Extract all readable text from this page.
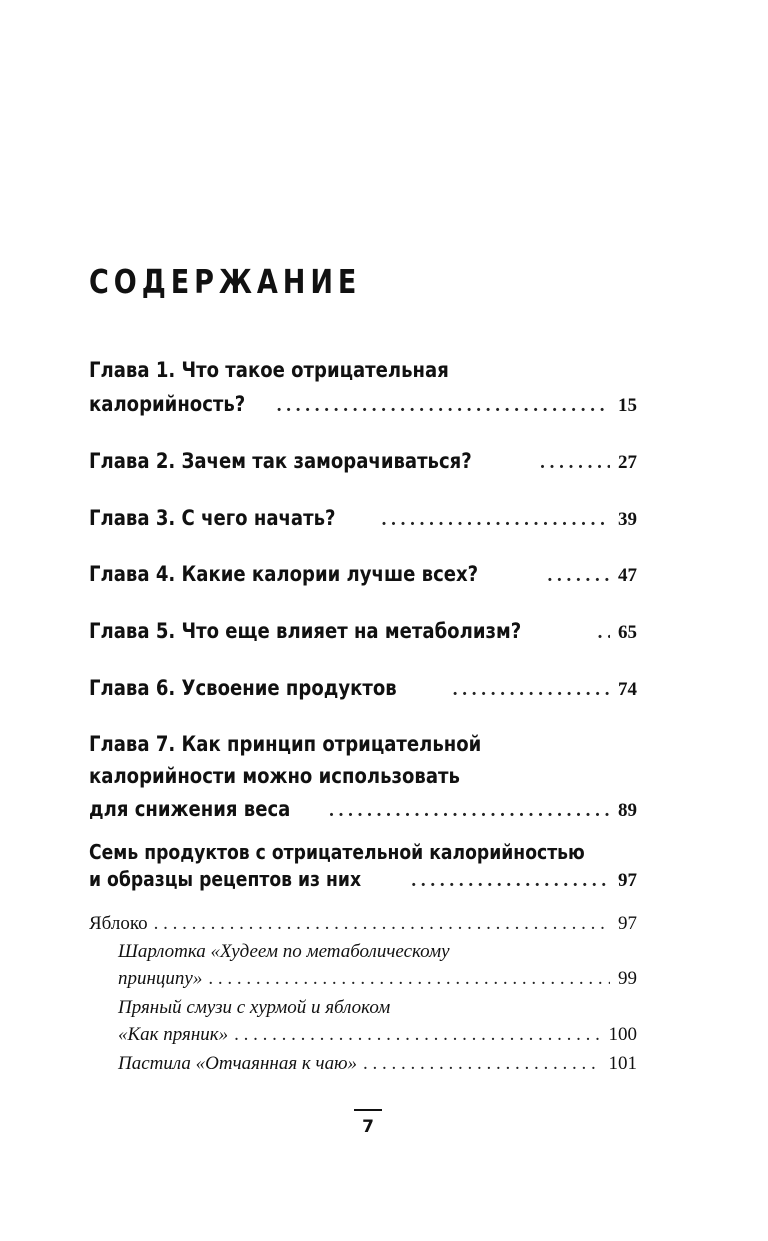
СОДЕРЖАНИЕ
Глава 1. Что такое отрицательная
калорийность? . . .	15
Глава 2. Зачем так заморачиваться? . . .	27
Глава 3. С чего начать? . . .	39
Глава 4. Какие калории лучше всех? . . .	47
Глава 5. Что еще влияет на метаболизм? . . .	65
Глава 6. Усвоение продуктов . . .	74
Глава 7. Как принцип отрицательной
калорийности можно использовать
для снижения веса . . .	89
Семь продуктов с отрицательной калорийностью
и образцы рецептов из них . . .	97
Яблоко . . .	97
Шарлотка «Худеем по метаболическому
принципу» . . .	99
Пряный смузи с хурмой и яблоком
«Как пряник» . . .	100
Пастила «Отчаянная к чаю» . . .	101
7
